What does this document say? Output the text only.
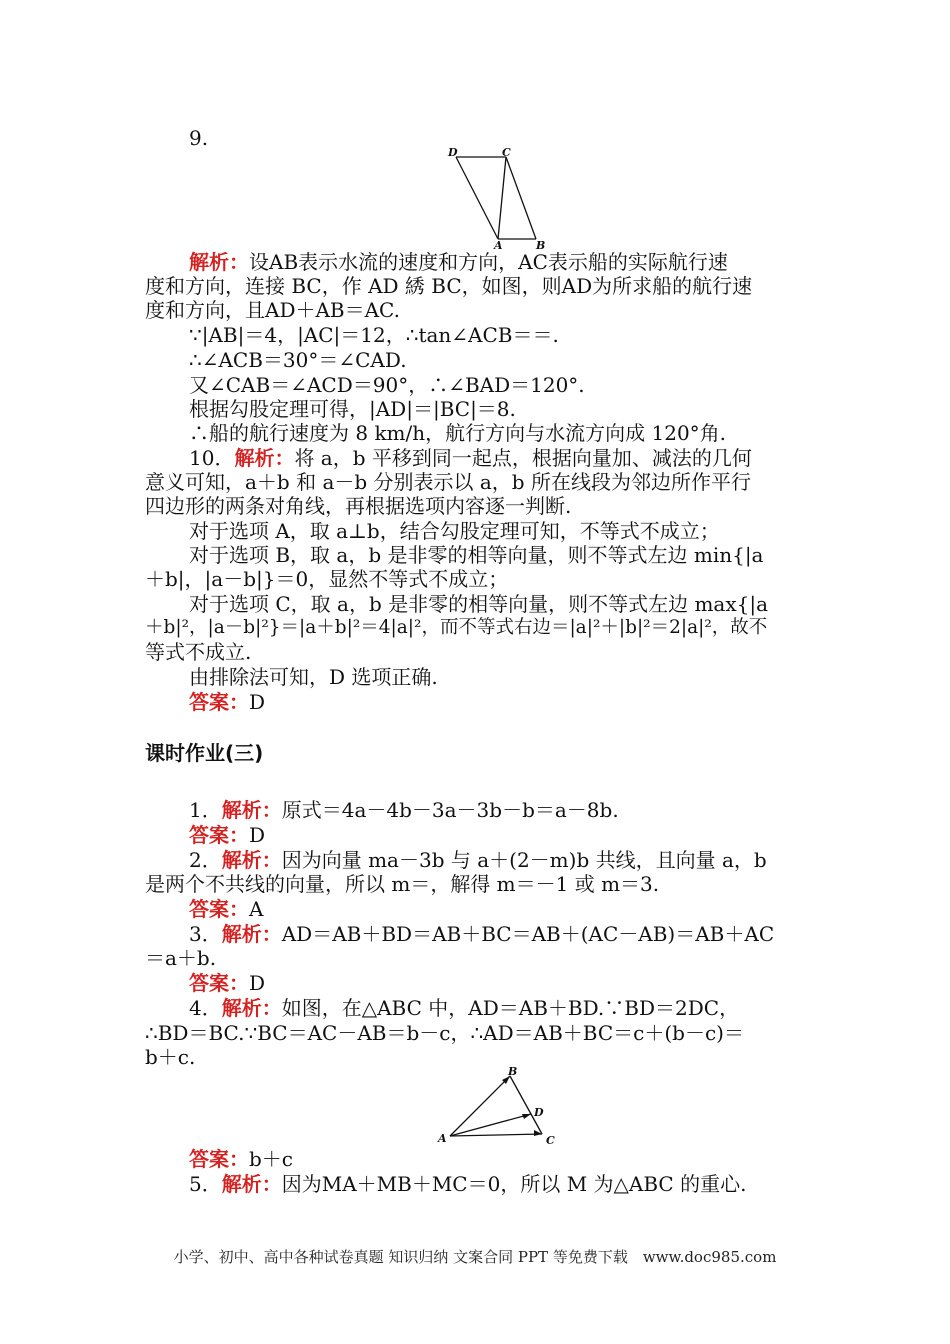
9.
D	C
A	B
解析：设AB表示水流的速度和方向，AC表示船的实际航行速
度和方向，连接 BC，作 AD 綉 BC，如图，则AD为所求船的航行速
度和方向，且AD＋AB＝AC.
∵|AB|＝4，|AC|＝12，∴tan∠ACB＝＝.
∴∠ACB＝30°＝∠CAD.
又∠CAB＝∠ACD＝90°，∴∠BAD＝120°.
根据勾股定理可得，|AD|＝|BC|＝8.
∴船的航行速度为 8 km/h，航行方向与水流方向成 120°角.
10．解析：将 a，b 平移到同一起点，根据向量加、减法的几何
意义可知，a＋b 和 a－b 分别表示以 a，b 所在线段为邻边所作平行
四边形的两条对角线，再根据选项内容逐一判断.
对于选项 A，取 a⊥b，结合勾股定理可知，不等式不成立；
对于选项 B，取 a，b 是非零的相等向量，则不等式左边 min{|a
＋b|，|a－b|}＝0，显然不等式不成立；
对于选项 C，取 a，b 是非零的相等向量，则不等式左边 max{|a
＋b|²，|a－b|²}＝|a＋b|²＝4|a|²，而不等式右边＝|a|²＋|b|²＝2|a|²，故不
等式不成立.
由排除法可知，D 选项正确.
答案：D
课时作业(三)
1．解析：原式＝4a－4b－3a－3b－b＝a－8b.
答案：D
2．解析：因为向量 ma－3b 与 a＋(2－m)b 共线，且向量 a，b
是两个不共线的向量，所以 m＝，解得 m＝－1 或 m＝3.
答案：A
3．解析：AD＝AB＋BD＝AB＋BC＝AB＋(AC－AB)＝AB＋AC
＝a＋b.
答案：D
4．解析：如图，在△ABC 中，AD＝AB＋BD.∵BD＝2DC，
∴BD＝BC.∵BC＝AC－AB＝b－c，∴AD＝AB＋BC＝c＋(b－c)＝
b＋c.
B
D
A	C
答案：b＋c
5．解析：因为MA＋MB＋MC＝0，所以 M 为△ABC 的重心.
小学、初中、高中各种试卷真题 知识归纳 文案合同 PPT 等免费下载　www.doc985.com
